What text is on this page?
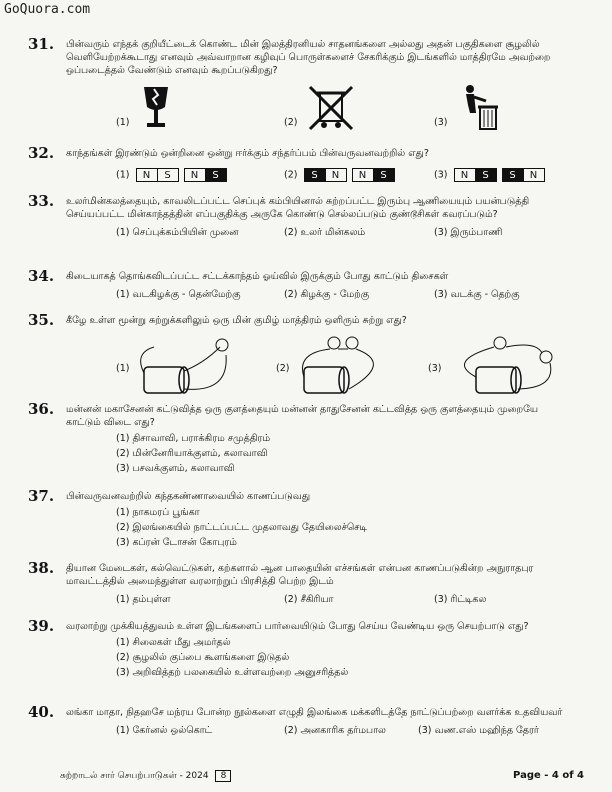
GoQuora.com
31. பின்வரும் எந்தக் குறியீட்டைக் கொண்ட மின் இலத்திரனியல் சாதனங்களை அல்லது அதன் பகுதிகளை சூழலில் வெளியேற்றக்கூடாது எனவும் அவ்வாறான கழிவுப் பொருள்களைச் சேகரிக்கும் இடங்களில் மாத்திரமே அவற்றை ஒப்படைத்தல் வேண்டும் எனவும் கூறப்படுகிறது?
(1)	(2)	(3)
32. காந்தங்கள் இரண்டும் ஒன்றினை ஒன்று ஈர்க்கும் சந்தர்ப்பம் பின்வருவனவற்றில் எது?
(1)	N	S	N	S	(2)	S	N	N	S	(3)	N	S	S	N
33. உலர்மின்கலத்தையும், காவலிடப்பட்ட செப்புக் கம்பியினால் சுற்றப்பட்ட இரும்பு ஆணியையும் பயன்படுத்தி செய்யப்பட்ட மின்காந்தத்தின் எப்பகுதிக்கு அருகே கொண்டு செல்லப்படும் குண்டூசிகள் கவரப்படும்?
(1) செப்புக்கம்பியின் முனை	(2) உலர் மின்கலம்	(3) இரும்பாணி
34. கிடையாகத் தொங்கவிடப்பட்ட சட்டக்காந்தம் ஓய்வில் இருக்கும் போது காட்டும் திசைகள்
(1) வடகிழக்கு - தென்மேற்கு	(2) கிழக்கு - மேற்கு	(3) வடக்கு - தெற்கு
35. கீழே உள்ள மூன்று சுற்றுக்களிலும் ஒரு மின் குமிழ் மாத்திரம் ஒளிரும் சுற்று எது?
(1)	(2)	(3)
36. மன்னன் மகாசேனன் கட்டுவித்த ஒரு குளத்தையும் மன்னன் தாதுசேனன் கட்டவித்த ஒரு குளத்தையும் முறையே காட்டும் விடை எது?
(1) திசாவாவி, பராக்கிரம சமுத்திரம்
(2) மின்னேரியாக்குளம், கலாவாவி
(3) பசவக்குளம், கலாவாவி
37. பின்வருவனவற்றில் கந்தகண்ணாவையில் காணப்படுவது
(1) நாகமரப் பூங்கா
(2) இலங்கையில் நாட்டப்பட்ட முதலாவது தேயிலைச்செடி
(3) கப்ரன் டோசன் கோபுரம்
38. தியான மேடைகள், கல்வெட்டுகள், கற்களால் ஆன பாதையின் எச்சங்கள் என்பன காணப்படுகின்ற அநுராதபுர மாவட்டத்தில் அமைந்துள்ள வரலாற்றுப் பிரசித்தி பெற்ற இடம்
(1) தம்புள்ள	(2) சீகிரியா	(3) ரிட்டிகல
39. வரலாற்று முக்கியத்துவம் உள்ள இடங்களைப் பார்வையிடும் போது செய்ய வேண்டிய ஒரு செயற்பாடு எது?
(1) சிலைகள் மீது அமர்தல்
(2) சூழலில் குப்பை கூளங்களை இடுதல்
(3) அறிவித்தற் பலகையில் உள்ளவற்றை அனுசரித்தல்
40. லங்கா மாதா, நிதஹசே மந்ரய போன்ற நூல்களை எழுதி இலங்கை மக்களிடத்தே நாட்டுப்பற்றை வளர்க்க உதவியவர்
(1) கேர்னல் ஒல்கொட்	(2) அனகாரிக தர்மபால	(3) வண.எஸ் மஹிந்த தேரர்
சுற்றாடல் சார் செயற்பாடுகள் - 2024 8	Page - 4 of 4
